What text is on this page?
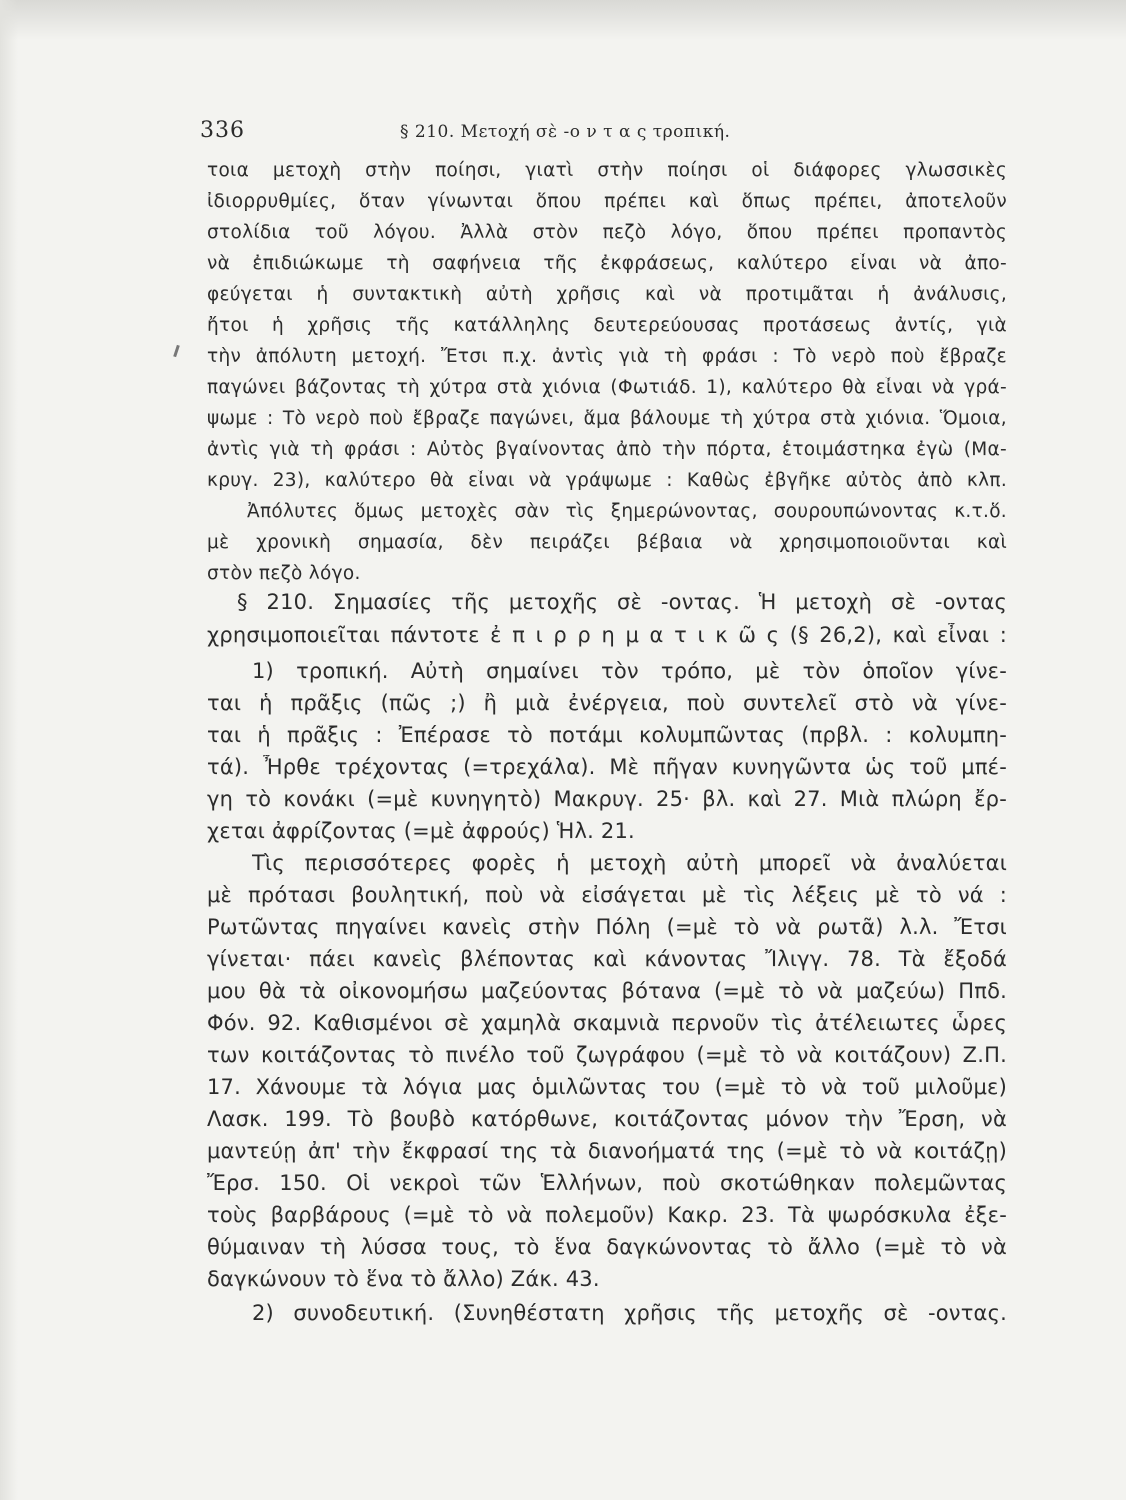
336	§ 210. Μετοχή σὲ -ο ν τ α ς τροπική.
τοια μετοχὴ στὴν ποίησι, γιατὶ στὴν ποίησι οἱ διάφορες γλωσσικὲς
ἰδιορρυθμίες, ὅταν γίνωνται ὅπου πρέπει καὶ ὅπως πρέπει, ἀποτελοῦν
στολίδια τοῦ λόγου. Ἀλλὰ στὸν πεζὸ λόγο, ὅπου πρέπει προπαντὸς
νὰ ἐπιδιώκωμε τὴ σαφήνεια τῆς ἐκφράσεως, καλύτερο εἶναι νὰ ἀπο-
φεύγεται ἡ συντακτικὴ αὐτὴ χρῆσις καὶ νὰ προτιμᾶται ἡ ἀνάλυσις,
ἤτοι ἡ χρῆσις τῆς κατάλληλης δευτερεύουσας προτάσεως ἀντίς, γιὰ
τὴν ἀπόλυτη μετοχή. Ἔτσι π.χ. ἀντὶς γιὰ τὴ φράσι : Τὸ νερὸ ποὺ ἔβραζε
παγώνει βάζοντας τὴ χύτρα στὰ χιόνια (Φωτιάδ. 1), καλύτερο θὰ εἶναι νὰ γρά-
ψωμε : Τὸ νερὸ ποὺ ἔβραζε παγώνει, ἅμα βάλουμε τὴ χύτρα στὰ χιόνια. Ὅμοια,
ἀντὶς γιὰ τὴ φράσι : Αὐτὸς βγαίνοντας ἀπὸ τὴν πόρτα, ἑτοιμάστηκα ἐγὼ (Μα-
κρυγ. 23), καλύτερο θὰ εἶναι νὰ γράψωμε : Καθὼς ἐβγῆκε αὐτὸς ἀπὸ κλπ.
Ἀπόλυτες ὅμως μετοχὲς σὰν τὶς ξημερώνοντας, σουρουπώνοντας κ.τ.ὅ.
μὲ χρονικὴ σημασία, δὲν πειράζει βέβαια νὰ χρησιμοποιοῦνται καὶ
στὸν πεζὸ λόγο.
§ 210. Σημασίες τῆς μετοχῆς σὲ -οντας. Ἡ μετοχὴ σὲ -οντας
χρησιμοποιεῖται πάντοτε ἐ π ι ρ ρ η μ α τ ι κ ῶ ς (§ 26,2), καὶ εἶναι :
1) τροπική. Αὐτὴ σημαίνει τὸν τρόπο, μὲ τὸν ὁποῖον γίνε-
ται ἡ πρᾶξις (πῶς ;) ἢ μιὰ ἐνέργεια, ποὺ συντελεῖ στὸ νὰ γίνε-
ται ἡ πρᾶξις : Ἐπέρασε τὸ ποτάμι κολυμπῶντας (πρβλ. : κολυμπη-
τά). Ἦρθε τρέχοντας (=τρεχάλα). Μὲ πῆγαν κυνηγῶντα ὡς τοῦ μπέ-
γη τὸ κονάκι (=μὲ κυνηγητὸ) Μακρυγ. 25· βλ. καὶ 27. Μιὰ πλώρη ἔρ-
χεται ἀφρίζοντας (=μὲ ἀφρούς) Ἡλ. 21.
Τὶς περισσότερες φορὲς ἡ μετοχὴ αὐτὴ μπορεῖ νὰ ἀναλύεται
μὲ πρότασι βουλητική, ποὺ νὰ εἰσάγεται μὲ τὶς λέξεις μὲ τὸ νά :
Ρωτῶντας πηγαίνει κανεὶς στὴν Πόλη (=μὲ τὸ νὰ ρωτᾶ) λ.λ. Ἔτσι
γίνεται· πάει κανεὶς βλέποντας καὶ κάνοντας Ἴλιγγ. 78. Τὰ ἔξοδά
μου θὰ τὰ οἰκονομήσω μαζεύοντας βότανα (=μὲ τὸ νὰ μαζεύω) Ππδ.
Φόν. 92. Καθισμένοι σὲ χαμηλὰ σκαμνιὰ περνοῦν τὶς ἀτέλειωτες ὧρες
των κοιτάζοντας τὸ πινέλο τοῦ ζωγράφου (=μὲ τὸ νὰ κοιτάζουν) Ζ.Π.
17. Χάνουμε τὰ λόγια μας ὁμιλῶντας του (=μὲ τὸ νὰ τοῦ μιλοῦμε)
Λασκ. 199. Τὸ βουβὸ κατόρθωνε, κοιτάζοντας μόνον τὴν Ἔρση, νὰ
μαντεύῃ ἀπ' τὴν ἔκφρασί της τὰ διανοήματά της (=μὲ τὸ νὰ κοιτάζῃ)
Ἔρσ. 150. Οἱ νεκροὶ τῶν Ἑλλήνων, ποὺ σκοτώθηκαν πολεμῶντας
τοὺς βαρβάρους (=μὲ τὸ νὰ πολεμοῦν) Κακρ. 23. Τὰ ψωρόσκυλα ἐξε-
θύμαιναν τὴ λύσσα τους, τὸ ἕνα δαγκώνοντας τὸ ἄλλο (=μὲ τὸ νὰ
δαγκώνουν τὸ ἕνα τὸ ἄλλο) Ζάκ. 43.
2) συνοδευτική. (Συνηθέστατη χρῆσις τῆς μετοχῆς σὲ -οντας.
